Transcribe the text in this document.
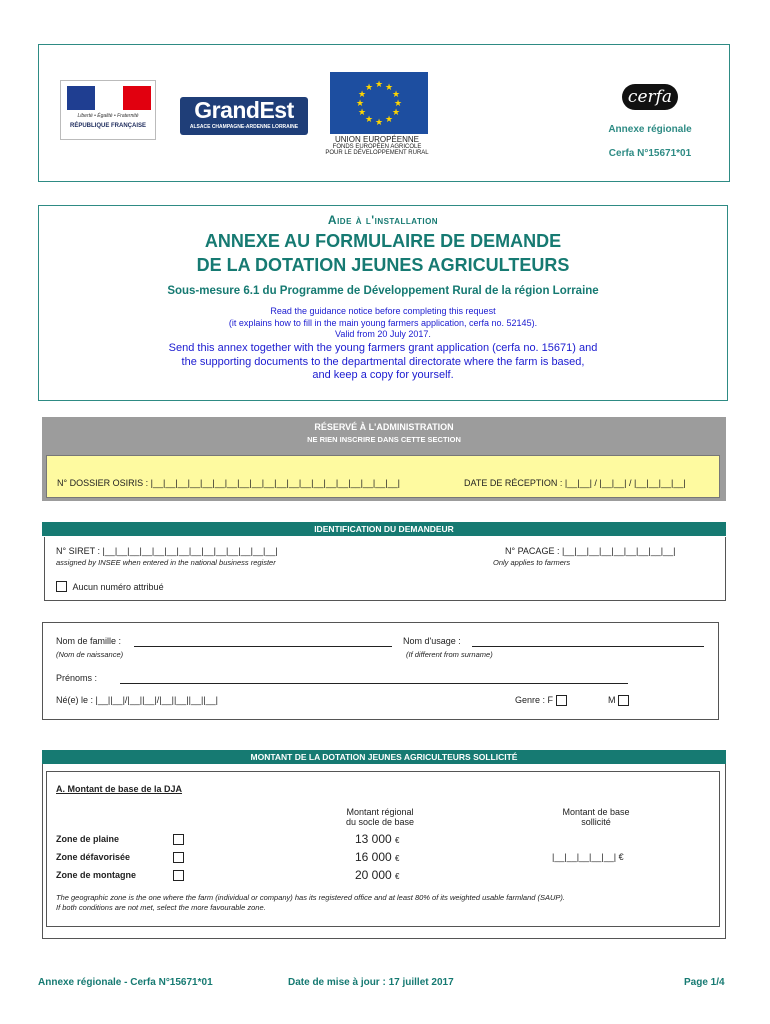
Liberté • Égalité • Fraternité
RÉPUBLIQUE FRANÇAISE
GrandEst
ALSACE CHAMPAGNE-ARDENNE LORRAINE
★ ★
★
★
★
★
★
★
★
★
★
★
UNION EUROPÉENNE
FONDS EUROPÉEN AGRICOLE
POUR LE DÉVELOPPEMENT RURAL
cerfa
Annexe régionale
Cerfa N°15671*01
Aide à l'installation
ANNEXE AU FORMULAIRE DE DEMANDE
DE LA DOTATION JEUNES AGRICULTEURS
Sous-mesure 6.1 du Programme de Développement Rural de la région Lorraine
Read the guidance notice before completing this request
(it explains how to fill in the main young farmers application, cerfa no. 52145).
Valid from 20 July 2017.
Send this annex together with the young farmers grant application (cerfa no. 15671) and
the supporting documents to the departmental directorate where the farm is based,
and keep a copy for yourself.
RÉSERVÉ À L'ADMINISTRATION
NE RIEN INSCRIRE DANS CETTE SECTION
N° DOSSIER OSIRIS : |__|__|__|__|__|__|__|__|__|__|__|__|__|__|__|__|__|__|__|__|	DATE DE RÉCEPTION : |__|__| / |__|__| / |__|__|__|__|
IDENTIFICATION DU DEMANDEUR
N° SIRET : |__|__|__|__|__|__|__|__|__|__|__|__|__|__|
assigned by INSEE when entered in the national business register
N° PACAGE : |__|__|__|__|__|__|__|__|__|
Only applies to farmers
Aucun numéro attribué
Nom de famille :
(Nom de naissance)
Nom d'usage :
(If different from surname)
Prénoms :
Né(e) le : |__||__|/|__||__|/|__||__||__||__|	Genre : F	M
MONTANT DE LA DOTATION JEUNES AGRICULTEURS SOLLICITÉ
A. Montant de base de la DJA
Montant régional
du socle de base
Montant de base
sollicité
Zone de plaine	13 000 €
Zone défavorisée	16 000 €	|__|__|__|__|__| €
Zone de montagne	20 000 €
The geographic zone is the one where the farm (individual or company) has its registered office and at least 80% of its weighted usable farmland (SAUP).
If both conditions are not met, select the more favourable zone.
Annexe régionale - Cerfa N°15671*01	Date de mise à jour : 17 juillet 2017	Page 1/4
